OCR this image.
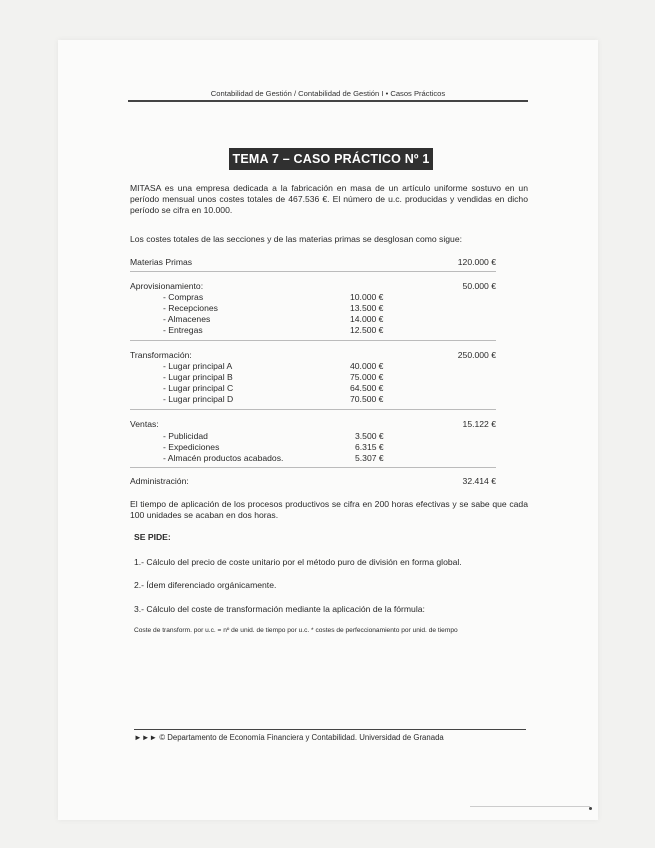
Contabilidad de Gestión / Contabilidad de Gestión I • Casos Prácticos
TEMA 7 – CASO PRÁCTICO Nº 1
MITASA es una empresa dedicada a la fabricación en masa de un artículo uniforme sostuvo en un período mensual unos costes totales de 467.536 €. El número de u.c. producidas y vendidas en dicho período se cifra en 10.000.
Los costes totales de las secciones y de las materias primas se desglosan como sigue:
Materias Primas	120.000 €
Aprovisionamiento:	50.000 €
- Compras	10.000 €
- Recepciones	13.500 €
- Almacenes	14.000 €
- Entregas	12.500 €
Transformación:	250.000 €
- Lugar principal A	40.000 €
- Lugar principal B	75.000 €
- Lugar principal C	64.500 €
- Lugar principal D	70.500 €
Ventas:	15.122 €
- Publicidad	3.500 €
- Expediciones	6.315 €
- Almacén productos acabados.	5.307 €
Administración:	32.414 €
El tiempo de aplicación de los procesos productivos se cifra en 200 horas efectivas y se sabe que cada 100 unidades se acaban en dos horas.
SE PIDE:
1.- Cálculo del precio de coste unitario por el método puro de división en forma global.
2.- Ídem diferenciado orgánicamente.
3.- Cálculo del coste de transformación mediante la aplicación de la fórmula:
Coste de transform. por u.c. = nº de unid. de tiempo por u.c. * costes de perfeccionamiento por unid. de tiempo
►►► © Departamento de Economía Financiera y Contabilidad. Universidad de Granada
